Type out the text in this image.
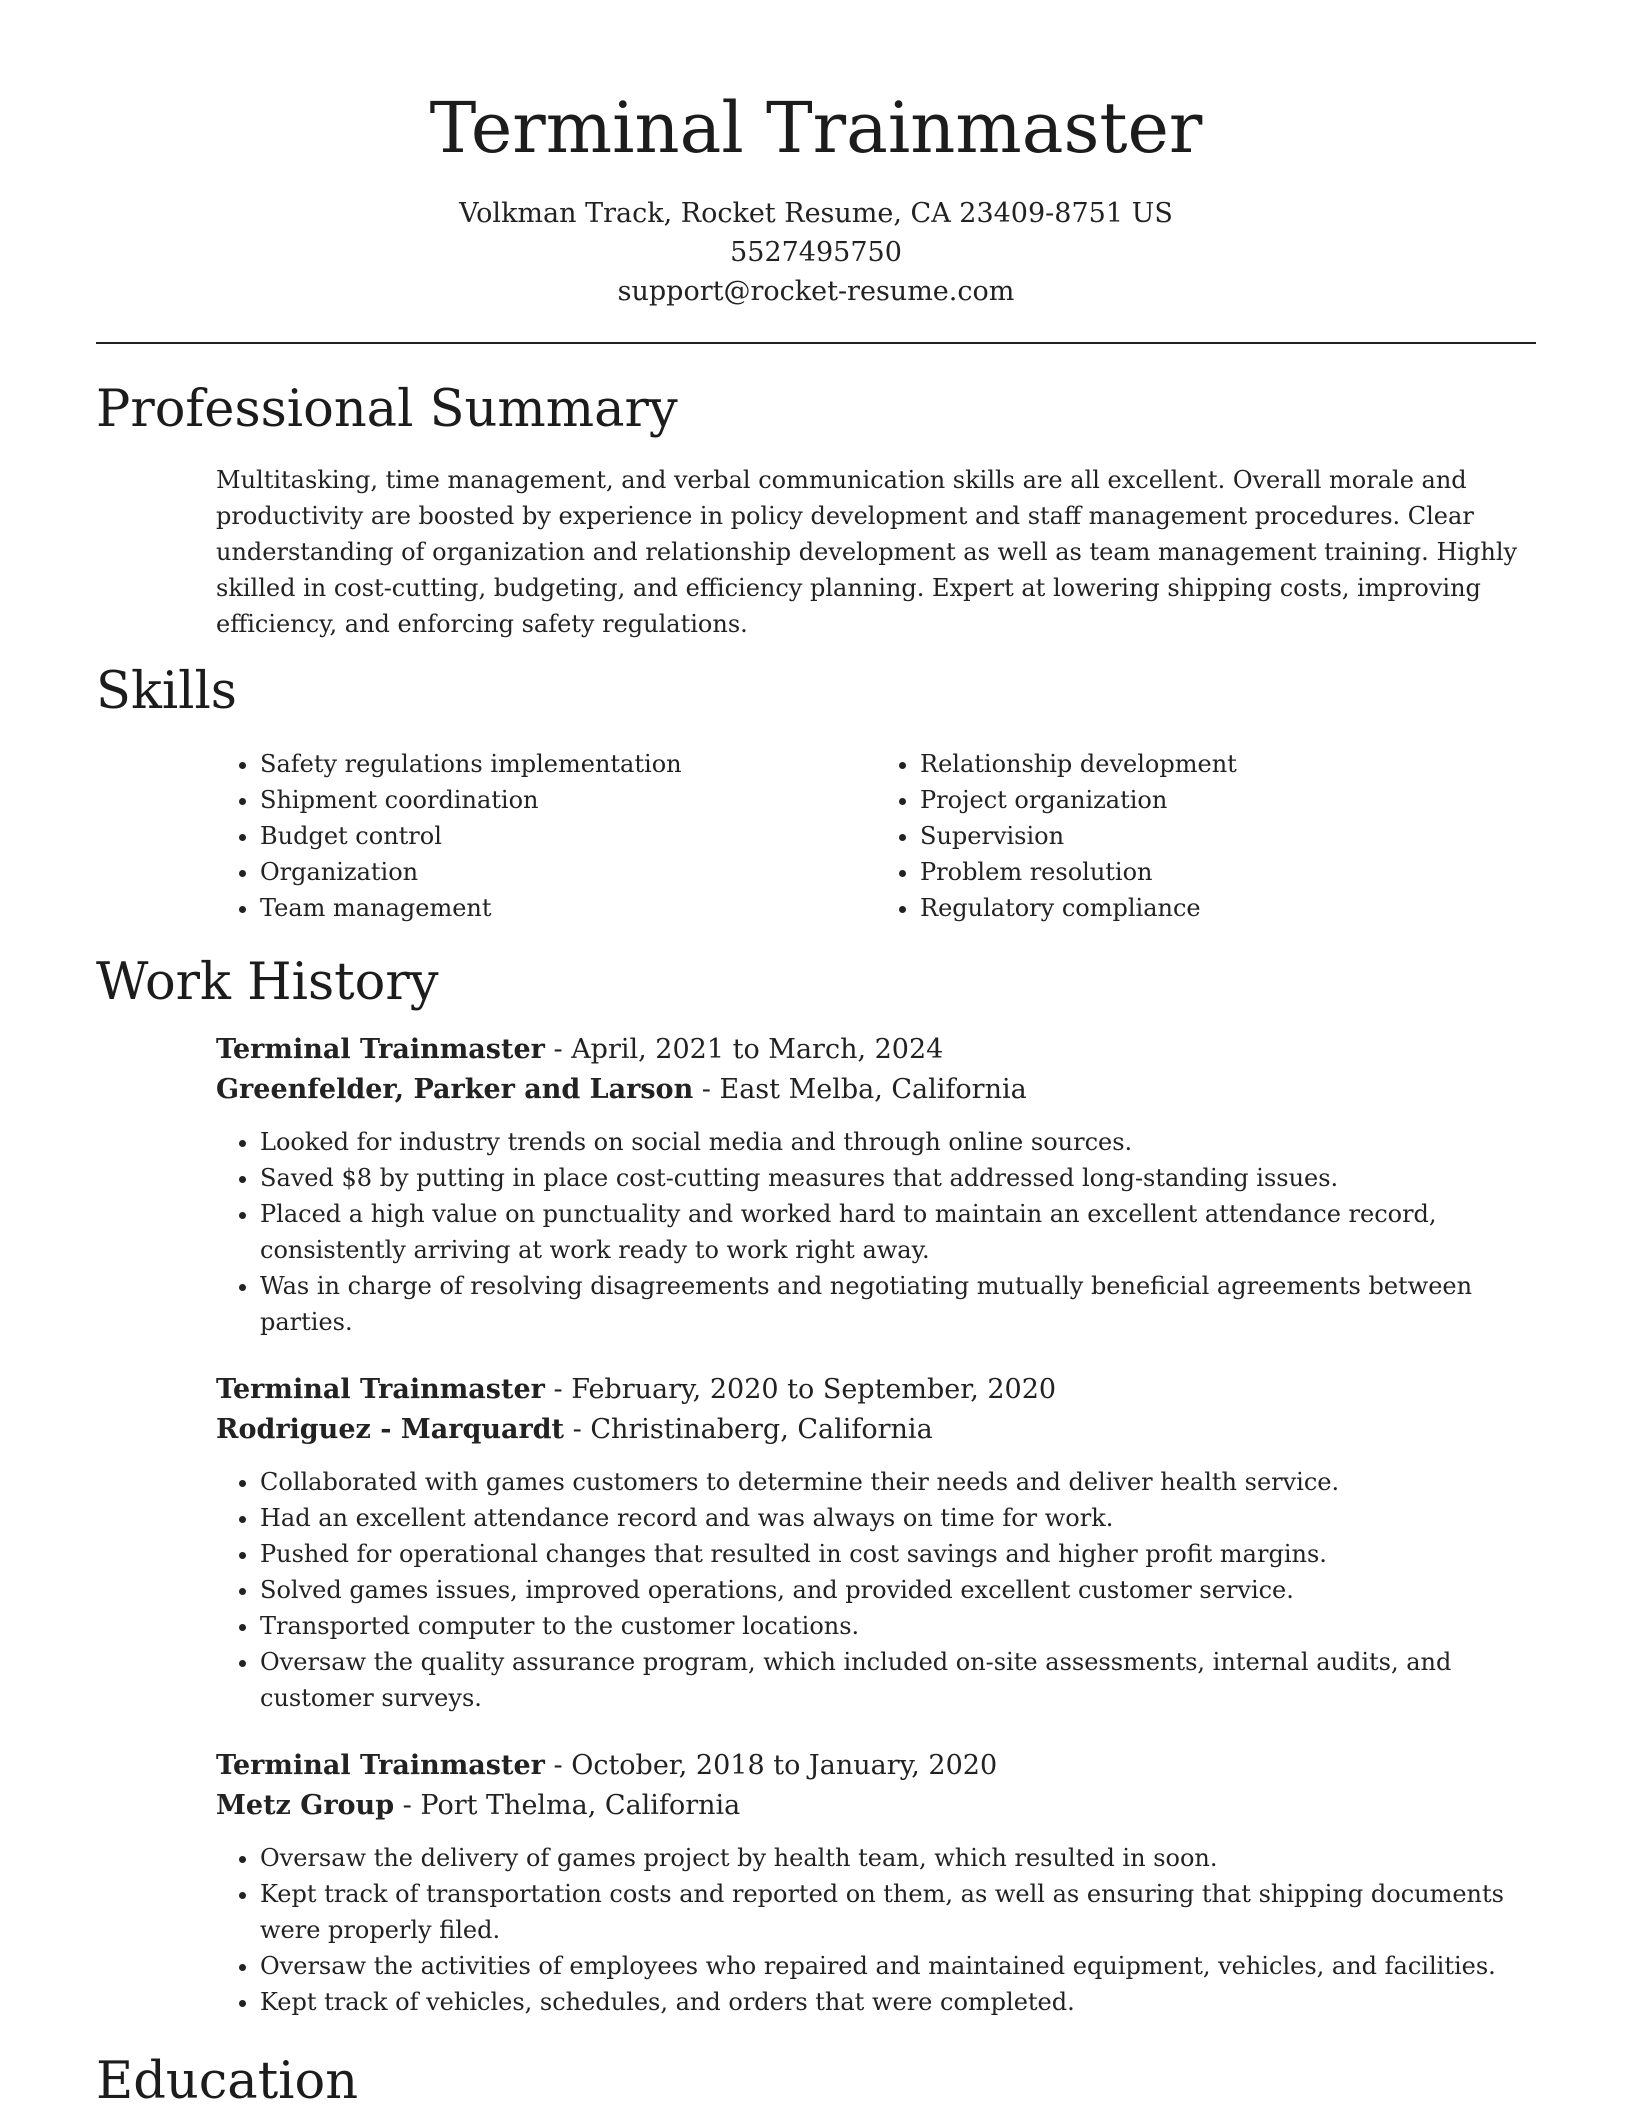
Terminal Trainmaster
Volkman Track, Rocket Resume, CA 23409-8751 US
5527495750
support@rocket-resume.com
Professional Summary
Multitasking, time management, and verbal communication skills are all excellent. Overall morale and productivity are boosted by experience in policy development and staff management procedures. Clear understanding of organization and relationship development as well as team management training. Highly skilled in cost-cutting, budgeting, and efficiency planning. Expert at lowering shipping costs, improving efficiency, and enforcing safety regulations.
Skills
• Safety regulations implementation
• Shipment coordination
• Budget control
• Organization
• Team management
• Relationship development
• Project organization
• Supervision
• Problem resolution
• Regulatory compliance
Work History
Terminal Trainmaster - April, 2021 to March, 2024
Greenfelder, Parker and Larson - East Melba, California
• Looked for industry trends on social media and through online sources.
• Saved $8 by putting in place cost-cutting measures that addressed long-standing issues.
• Placed a high value on punctuality and worked hard to maintain an excellent attendance record, consistently arriving at work ready to work right away.
• Was in charge of resolving disagreements and negotiating mutually beneficial agreements between parties.
Terminal Trainmaster - February, 2020 to September, 2020
Rodriguez - Marquardt - Christinaberg, California
• Collaborated with games customers to determine their needs and deliver health service.
• Had an excellent attendance record and was always on time for work.
• Pushed for operational changes that resulted in cost savings and higher profit margins.
• Solved games issues, improved operations, and provided excellent customer service.
• Transported computer to the customer locations.
• Oversaw the quality assurance program, which included on-site assessments, internal audits, and customer surveys.
Terminal Trainmaster - October, 2018 to January, 2020
Metz Group - Port Thelma, California
• Oversaw the delivery of games project by health team, which resulted in soon.
• Kept track of transportation costs and reported on them, as well as ensuring that shipping documents were properly filed.
• Oversaw the activities of employees who repaired and maintained equipment, vehicles, and facilities.
• Kept track of vehicles, schedules, and orders that were completed.
Education
